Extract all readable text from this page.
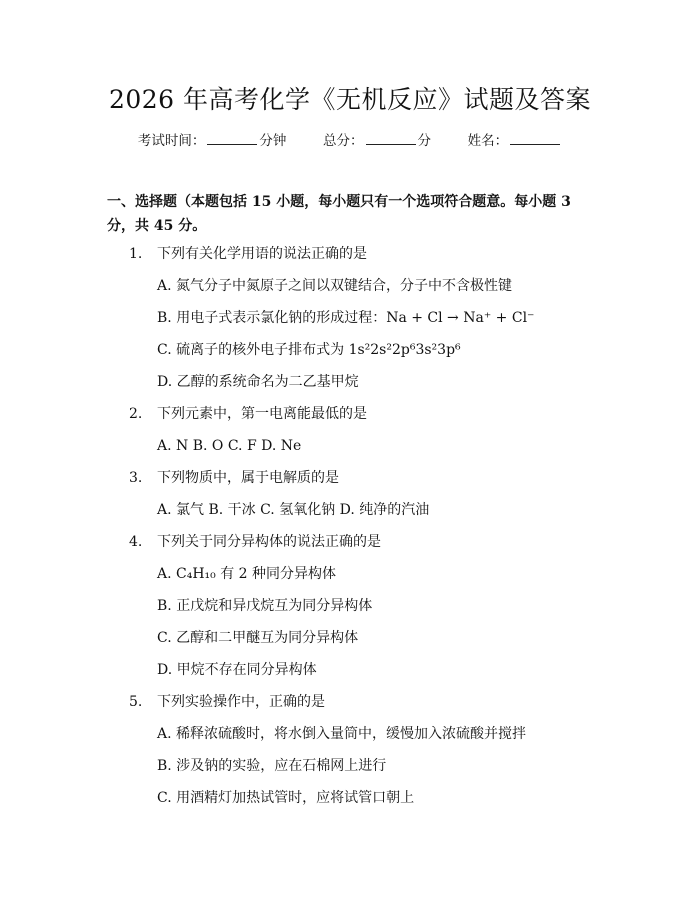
2026 年高考化学《无机反应》试题及答案
考试时间：	分钟	总分：	分	姓名：
一、选择题（本题包括 15 小题，每小题只有一个选项符合题意。每小题 3 分，共 45 分。
1. 下列有关化学用语的说法正确的是
A. 氮气分子中氮原子之间以双键结合，分子中不含极性键
B. 用电子式表示氯化钠的形成过程：Na + Cl → Na⁺ + Cl⁻
C. 硫离子的核外电子排布式为 1s²2s²2p⁶3s²3p⁶
D. 乙醇的系统命名为二乙基甲烷
2. 下列元素中，第一电离能最低的是
A. N B. O C. F D. Ne
3. 下列物质中，属于电解质的是
A. 氯气 B. 干冰 C. 氢氧化钠 D. 纯净的汽油
4. 下列关于同分异构体的说法正确的是
A. C₄H₁₀ 有 2 种同分异构体
B. 正戊烷和异戊烷互为同分异构体
C. 乙醇和二甲醚互为同分异构体
D. 甲烷不存在同分异构体
5. 下列实验操作中，正确的是
A. 稀释浓硫酸时，将水倒入量筒中，缓慢加入浓硫酸并搅拌
B. 涉及钠的实验，应在石棉网上进行
C. 用酒精灯加热试管时，应将试管口朝上
